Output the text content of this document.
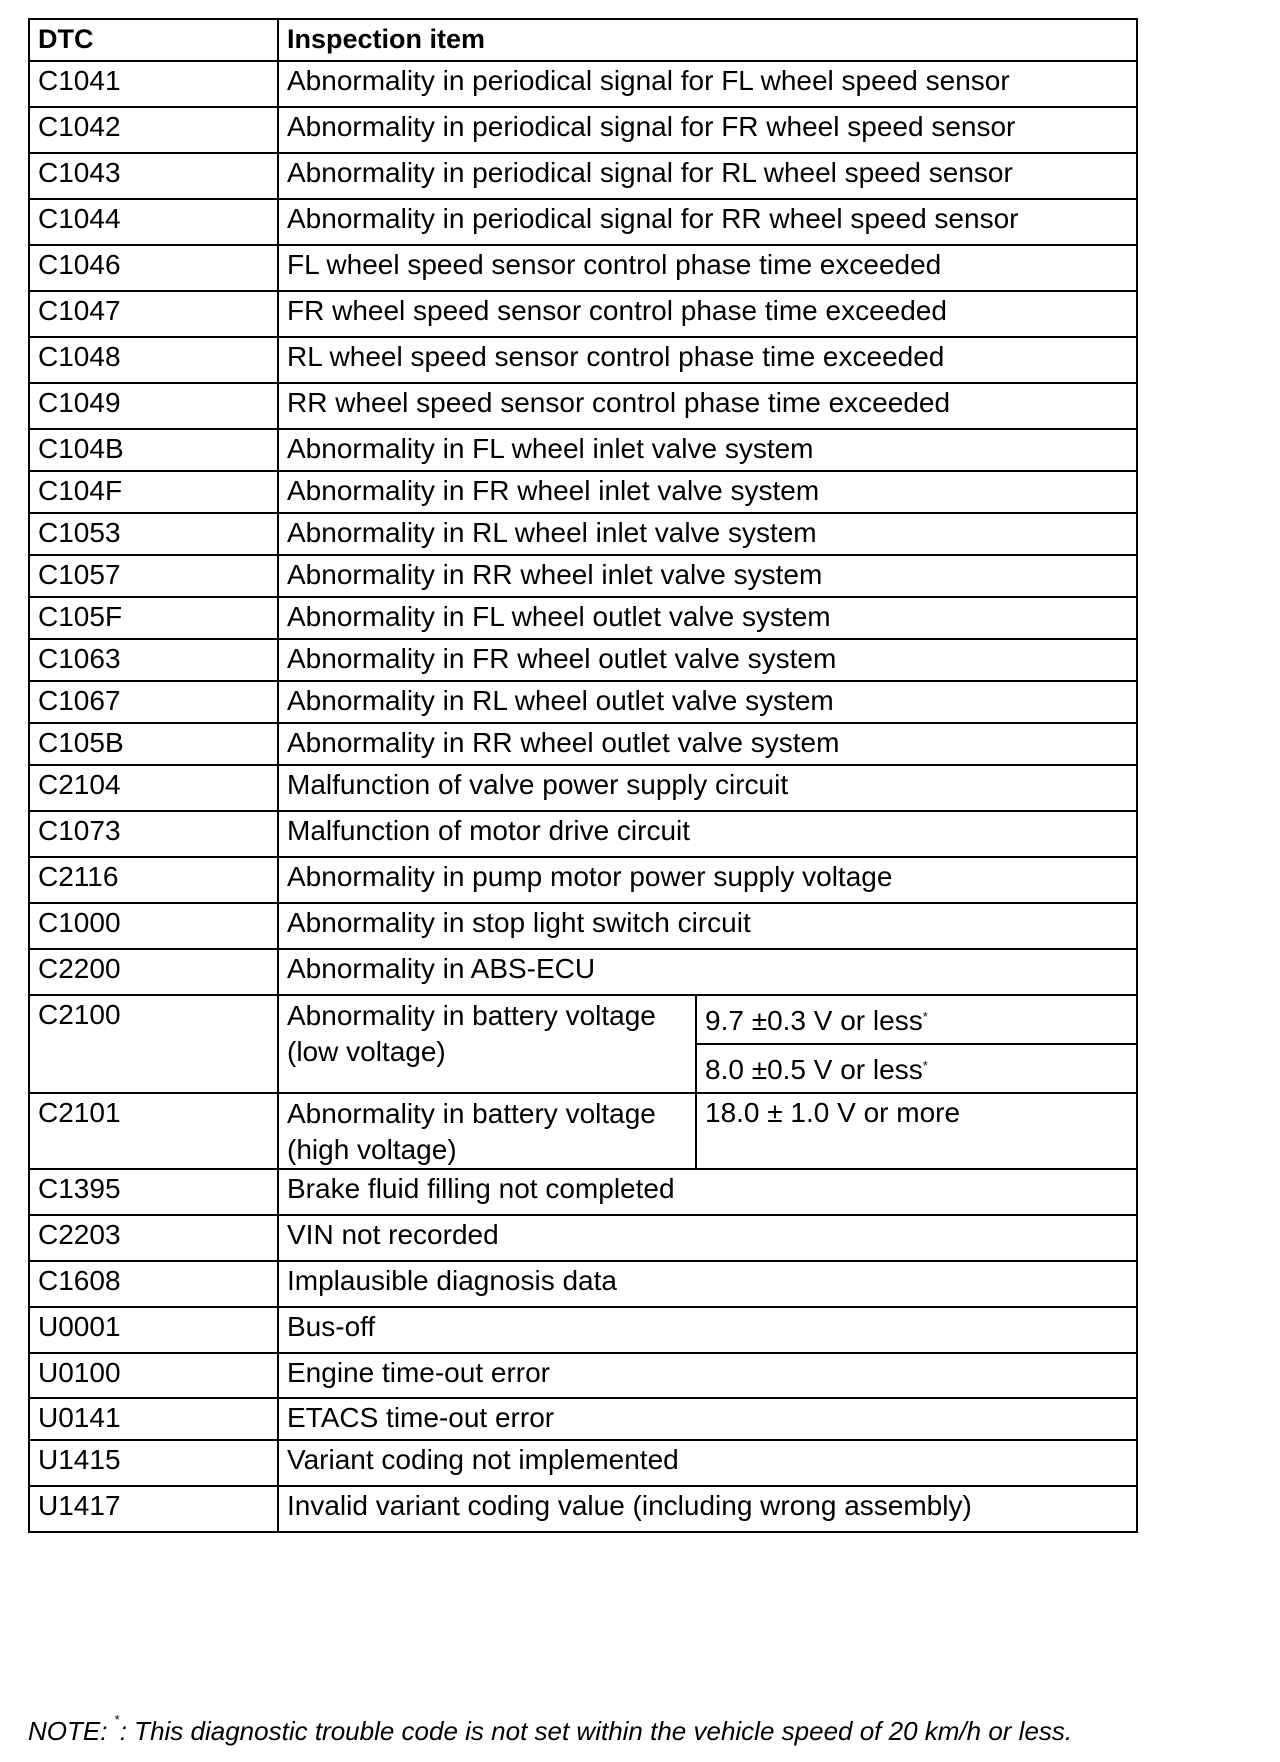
DTC	Inspection item	
C1041	Abnormality in periodical signal for FL wheel speed sensor	
C1042	Abnormality in periodical signal for FR wheel speed sensor	
C1043	Abnormality in periodical signal for RL wheel speed sensor	
C1044	Abnormality in periodical signal for RR wheel speed sensor	
C1046	FL wheel speed sensor control phase time exceeded	
C1047	FR wheel speed sensor control phase time exceeded	
C1048	RL wheel speed sensor control phase time exceeded	
C1049	RR wheel speed sensor control phase time exceeded	
C104B	Abnormality in FL wheel inlet valve system	
C104F	Abnormality in FR wheel inlet valve system	
C1053	Abnormality in RL wheel inlet valve system	
C1057	Abnormality in RR wheel inlet valve system	
C105F	Abnormality in FL wheel outlet valve system	
C1063	Abnormality in FR wheel outlet valve system	
C1067	Abnormality in RL wheel outlet valve system	
C105B	Abnormality in RR wheel outlet valve system	
C2104	Malfunction of valve power supply circuit	
C1073	Malfunction of motor drive circuit	
C2116	Abnormality in pump motor power supply voltage	
C1000	Abnormality in stop light switch circuit	
C2200	Abnormality in ABS-ECU	
C2100	Abnormality in battery voltage (low voltage)	9.7 ±0.3 V or less*
		8.0 ±0.5 V or less*
C2101	Abnormality in battery voltage (high voltage)	18.0 ± 1.0 V or more
C1395	Brake fluid filling not completed	
C2203	VIN not recorded	
C1608	Implausible diagnosis data	
U0001	Bus-off	
U0100	Engine time-out error	
U0141	ETACS time-out error	
U1415	Variant coding not implemented	
U1417	Invalid variant coding value (including wrong assembly)	
NOTE: *: This diagnostic trouble code is not set within the vehicle speed of 20 km/h or less.
